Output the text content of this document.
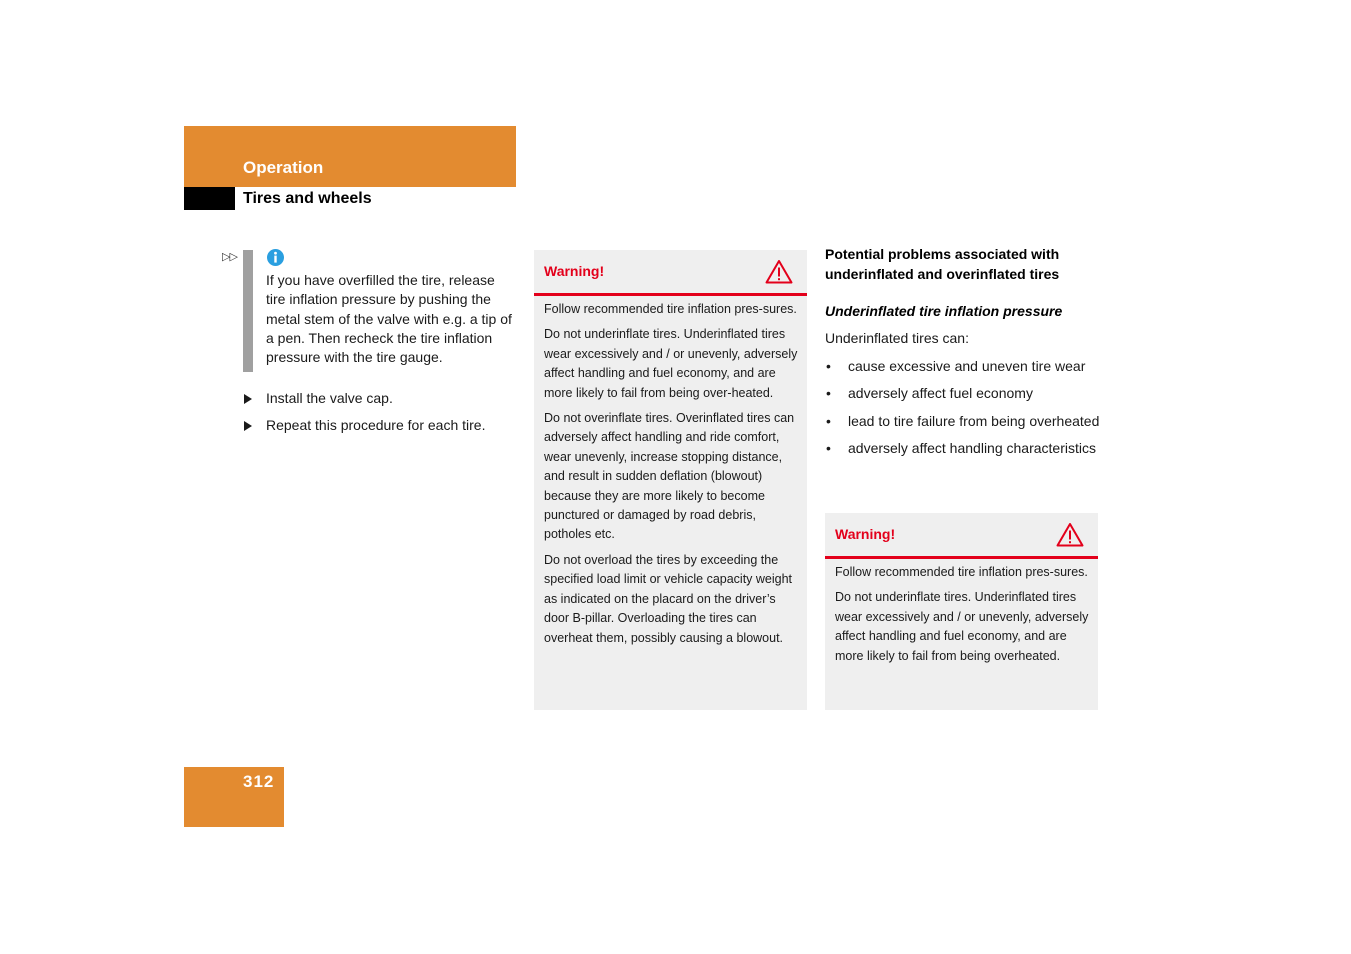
Operation
Tires and wheels
▷▷
If you have overfilled the tire, release tire inflation pressure by pushing the metal stem of the valve with e.g. a tip of a pen. Then recheck the tire inflation pressure with the tire gauge.
Install the valve cap.
Repeat this procedure for each tire.
Warning!

Follow recommended tire inflation pres-sures.

Do not underinflate tires. Underinflated tires wear excessively and / or unevenly, adversely affect handling and fuel economy, and are more likely to fail from being over-heated.

Do not overinflate tires. Overinflated tires can adversely affect handling and ride comfort, wear unevenly, increase stopping distance, and result in sudden deflation (blowout) because they are more likely to become punctured or damaged by road debris, potholes etc.

Do not overload the tires by exceeding the specified load limit or vehicle capacity weight as indicated on the placard on the driver’s door B-pillar. Overloading the tires can overheat them, possibly causing a blowout.

Potential problems associated with underinflated and overinflated tires
Underinflated tire inflation pressure
Underinflated tires can:
• cause excessive and uneven tire wear
• adversely affect fuel economy
• lead to tire failure from being overheated
• adversely affect handling characteristics
Warning!

Follow recommended tire inflation pres-sures.

Do not underinflate tires. Underinflated tires wear excessively and / or unevenly, adversely affect handling and fuel economy, and are more likely to fail from being overheated.

312
